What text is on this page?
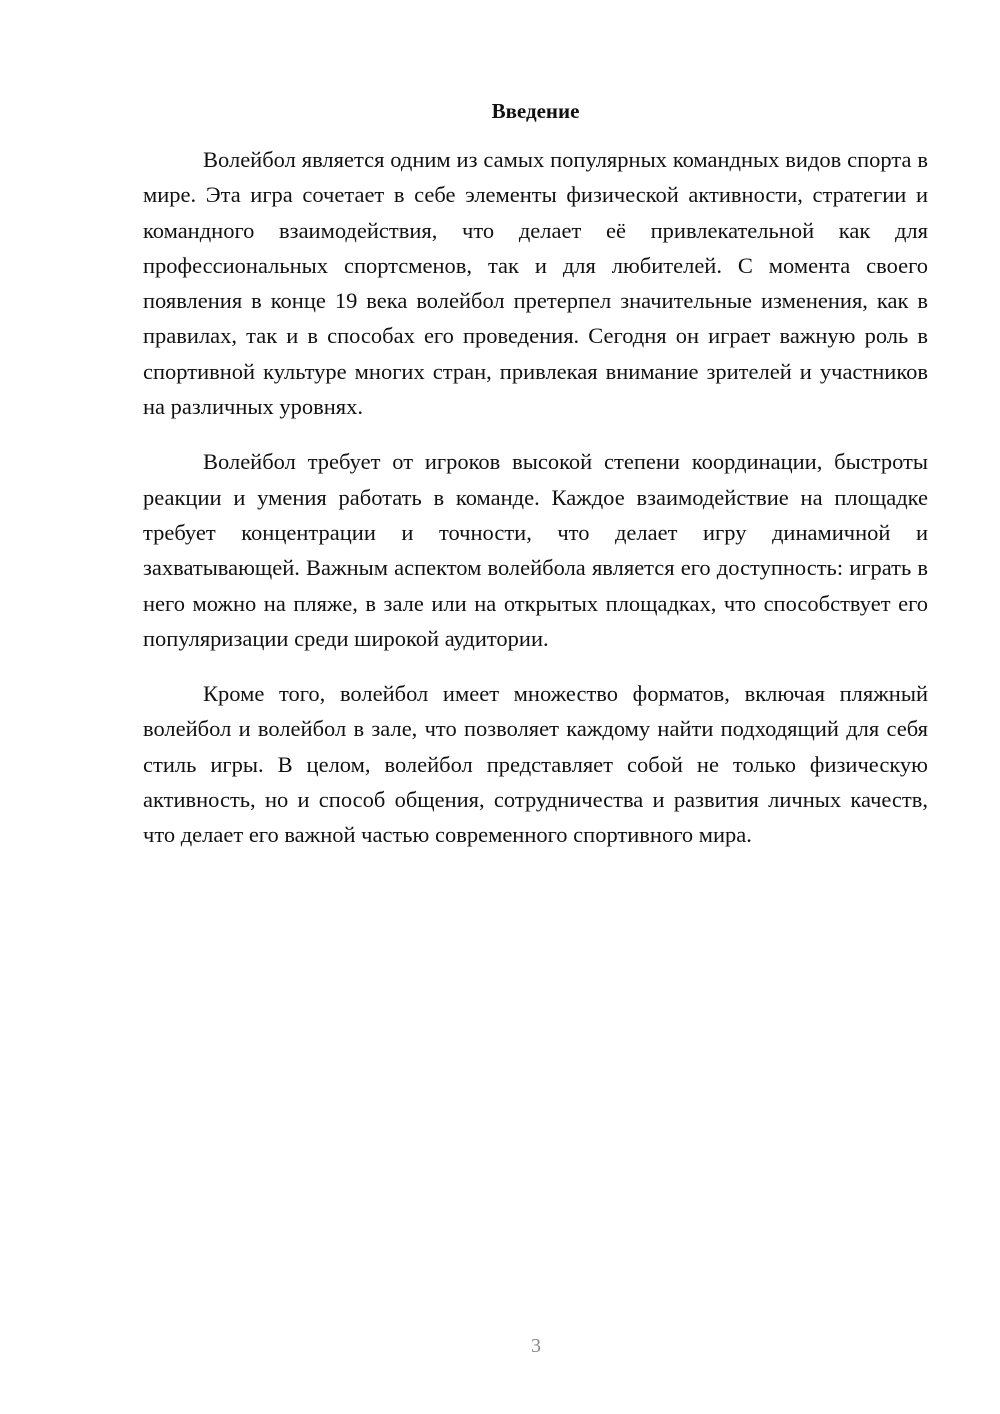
Введение

Волейбол является одним из самых популярных командных видов спорта в мире. Эта игра сочетает в себе элементы физической активности, стратегии и командного взаимодействия, что делает её привлекательной как для профессиональных спортсменов, так и для любителей. С момента своего появления в конце 19 века волейбол претерпел значительные изменения, как в правилах, так и в способах его проведения. Сегодня он играет важную роль в спортивной культуре многих стран, привлекая внимание зрителей и участников на различных уровнях.

Волейбол требует от игроков высокой степени координации, быстроты реакции и умения работать в команде. Каждое взаимодействие на площадке требует концентрации и точности, что делает игру динамичной и захватывающей. Важным аспектом волейбола является его доступность: играть в него можно на пляже, в зале или на открытых площадках, что способствует его популяризации среди широкой аудитории.

Кроме того, волейбол имеет множество форматов, включая пляжный волейбол и волейбол в зале, что позволяет каждому найти подходящий для себя стиль игры. В целом, волейбол представляет собой не только физическую активность, но и способ общения, сотрудничества и развития личных качеств, что делает его важной частью современного спортивного мира.

3
